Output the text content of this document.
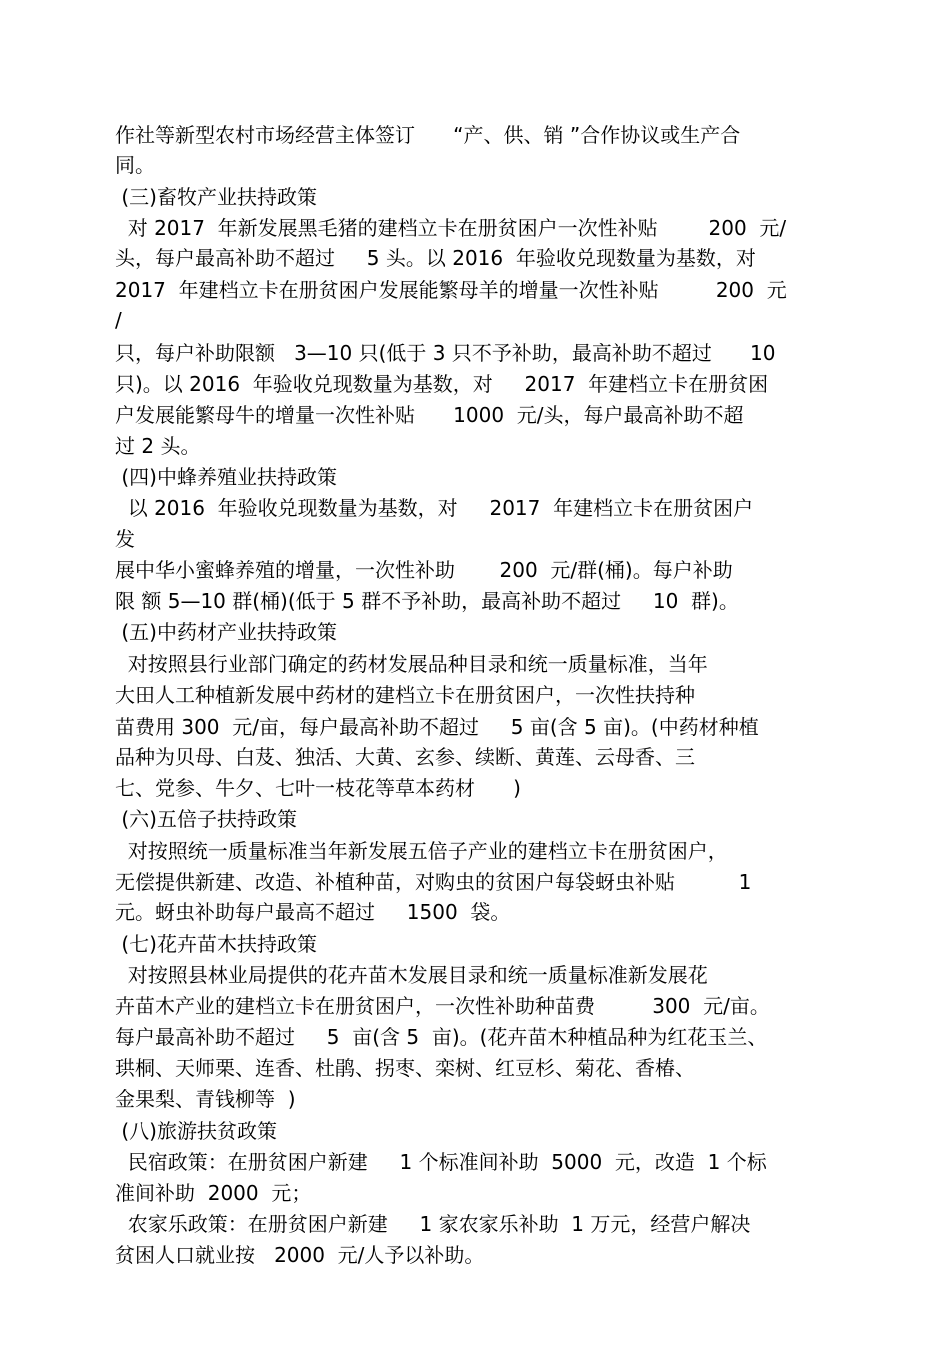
作社等新型农村市场经营主体签订      “产、供、销 ”合作协议或生产合
同。
(三)畜牧产业扶持政策
对 2017  年新发展黑毛猪的建档立卡在册贫困户一次性补贴        200  元/
头，每户最高补助不超过     5 头。以 2016  年验收兑现数量为基数，对
2017  年建档立卡在册贫困户发展能繁母羊的增量一次性补贴         200  元
/
只，每户补助限额   3—10 只(低于 3 只不予补助，最高补助不超过      10
只)。以 2016  年验收兑现数量为基数，对     2017  年建档立卡在册贫困
户发展能繁母牛的增量一次性补贴      1000  元/头，每户最高补助不超
过 2 头。
(四)中蜂养殖业扶持政策
以 2016  年验收兑现数量为基数，对     2017  年建档立卡在册贫困户
发
展中华小蜜蜂养殖的增量，一次性补助       200  元/群(桶)。每户补助
限 额 5—10 群(桶)(低于 5 群不予补助，最高补助不超过     10  群)。
(五)中药材产业扶持政策
对按照县行业部门确定的药材发展品种目录和统一质量标准，当年
大田人工种植新发展中药材的建档立卡在册贫困户，一次性扶持种
苗费用 300  元/亩，每户最高补助不超过     5 亩(含 5 亩)。(中药材种植
品种为贝母、白芨、独活、大黄、玄参、续断、黄莲、云母香、三
七、党参、牛夕、七叶一枝花等草本药材      )
(六)五倍子扶持政策
对按照统一质量标准当年新发展五倍子产业的建档立卡在册贫困户，
无偿提供新建、改造、补植种苗，对购虫的贫困户每袋蚜虫补贴          1
元。蚜虫补助每户最高不超过     1500  袋。
(七)花卉苗木扶持政策
对按照县林业局提供的花卉苗木发展目录和统一质量标准新发展花
卉苗木产业的建档立卡在册贫困户，一次性补助种苗费         300  元/亩。
每户最高补助不超过     5  亩(含 5  亩)。(花卉苗木种植品种为红花玉兰、
珙桐、天师栗、连香、杜鹃、拐枣、栾树、红豆杉、菊花、香椿、
金果梨、青钱柳等  )
(八)旅游扶贫政策
民宿政策：在册贫困户新建     1 个标准间补助  5000  元，改造  1 个标
准间补助  2000  元；
农家乐政策：在册贫困户新建     1 家农家乐补助  1 万元，经营户解决
贫困人口就业按   2000  元/人予以补助。
